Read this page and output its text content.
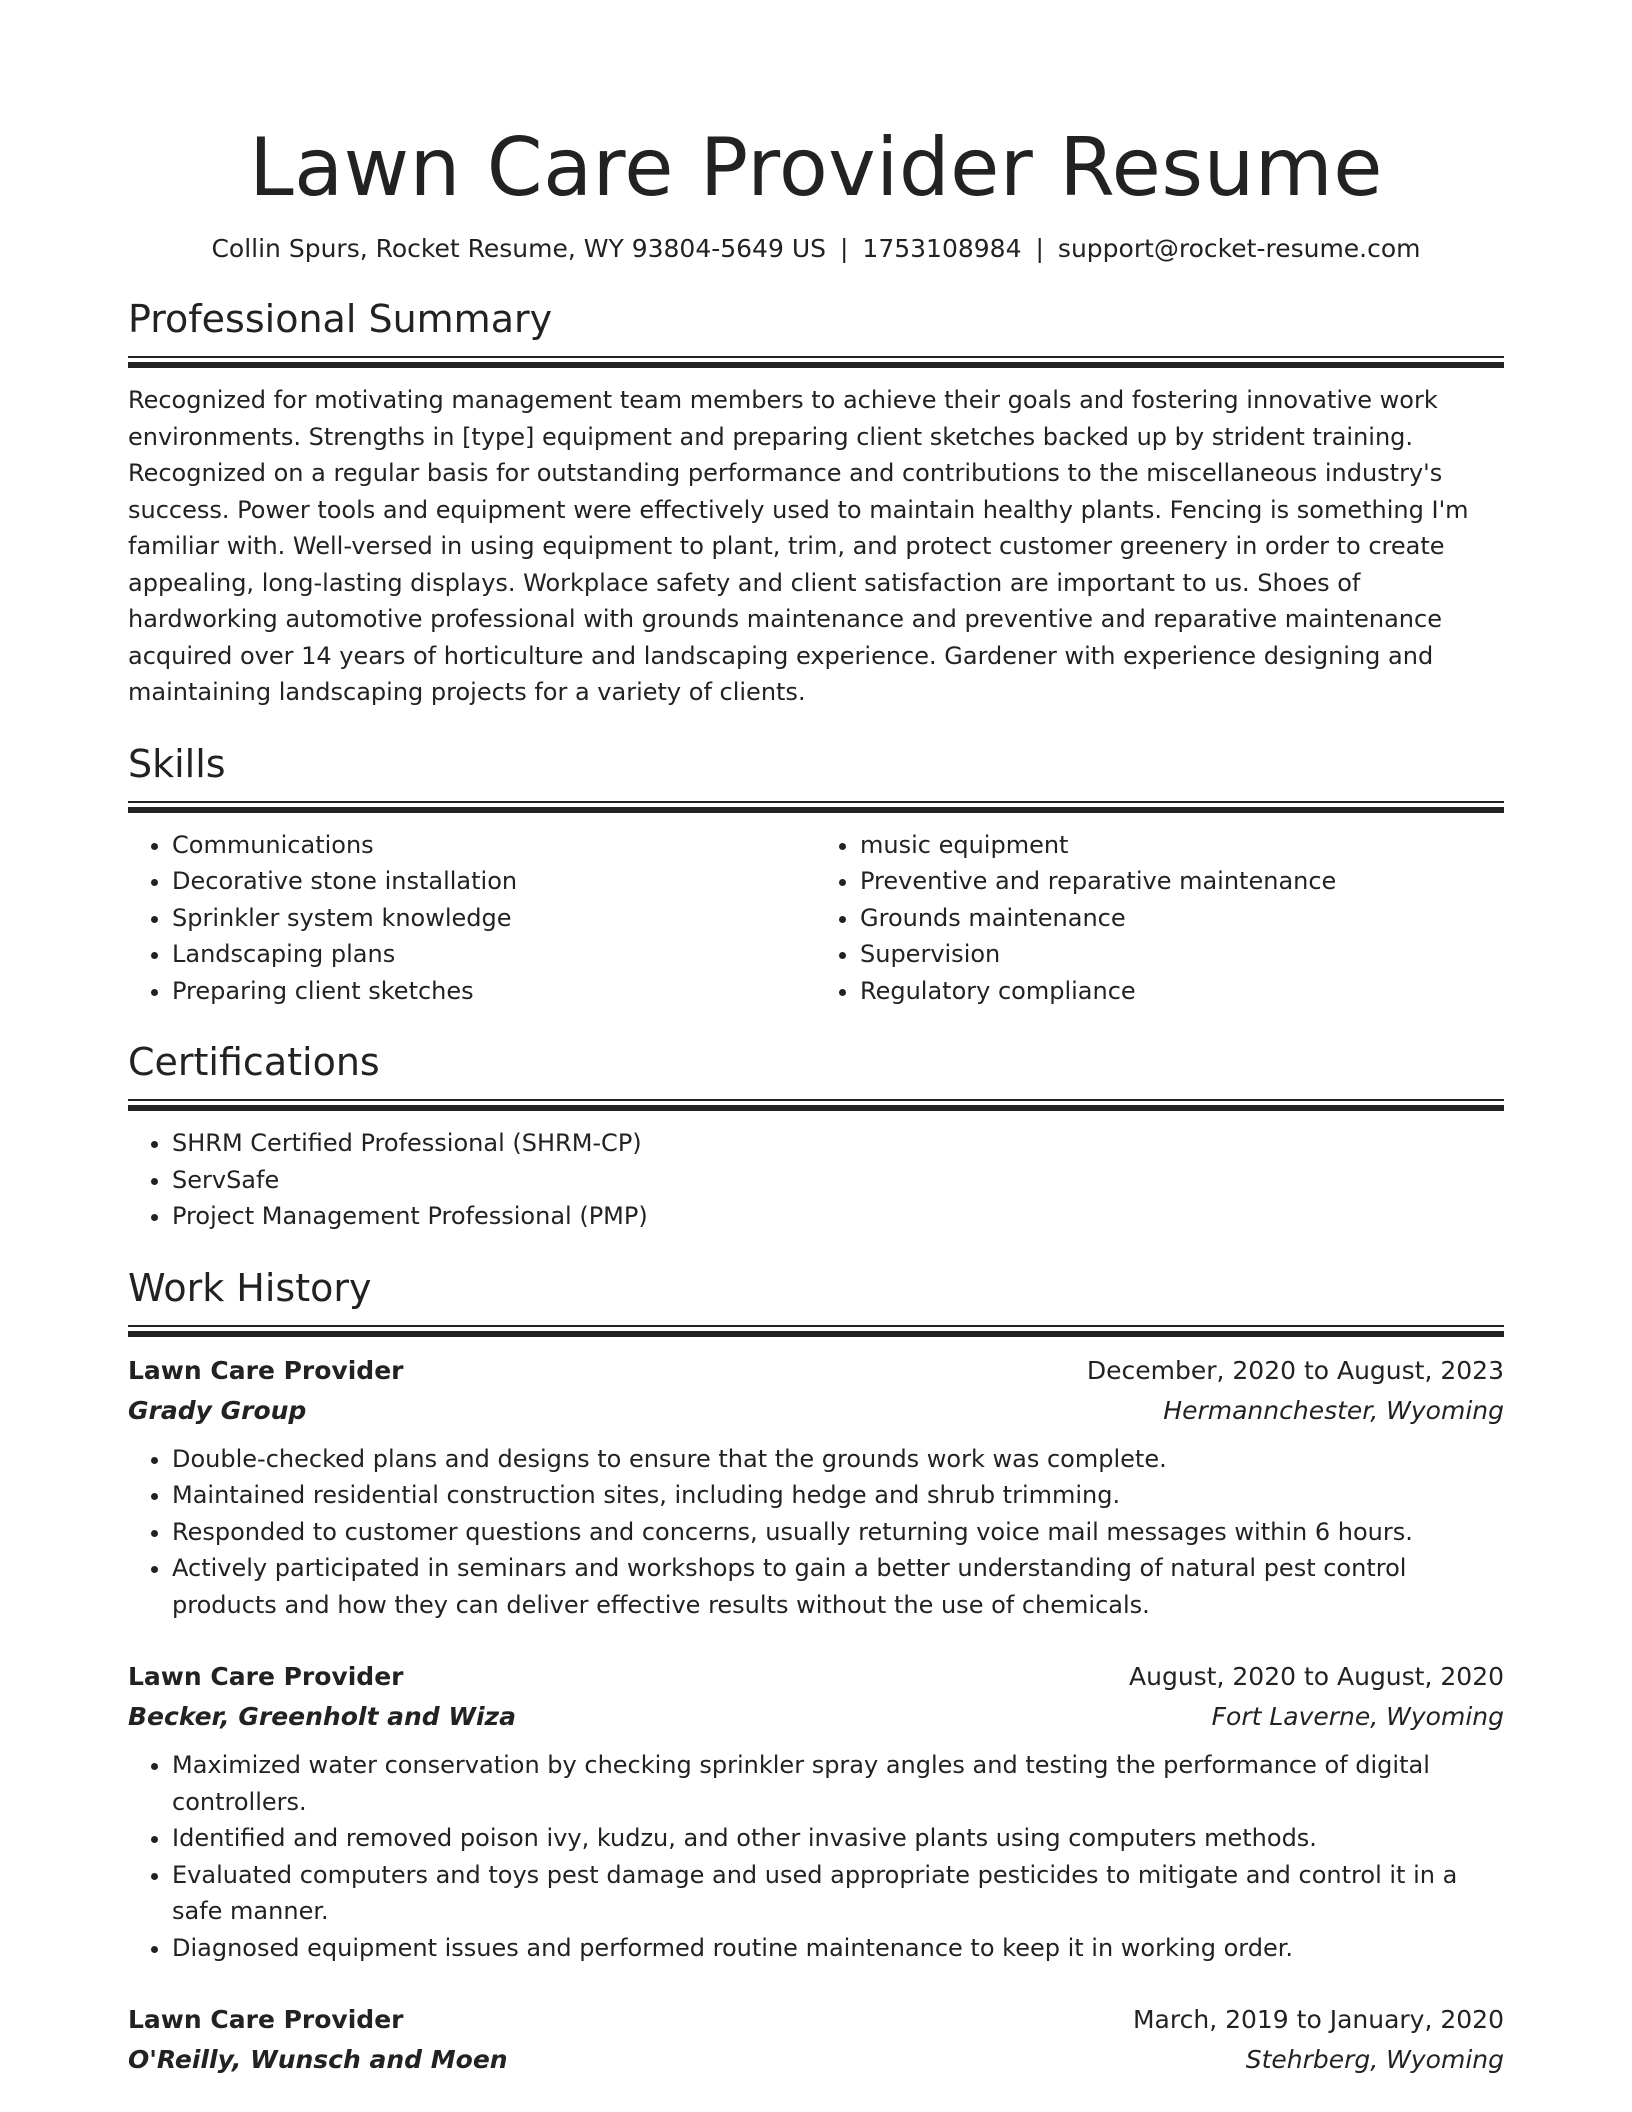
Lawn Care Provider Resume
Collin Spurs, Rocket Resume, WY 93804-5649 US | 1753108984 | support@rocket-resume.com
Professional Summary

Recognized for motivating management team members to achieve their goals and fostering innovative work environments. Strengths in [type] equipment and preparing client sketches backed up by strident training. Recognized on a regular basis for outstanding performance and contributions to the miscellaneous industry's success. Power tools and equipment were effectively used to maintain healthy plants. Fencing is something I'm familiar with. Well-versed in using equipment to plant, trim, and protect customer greenery in order to create appealing, long-lasting displays. Workplace safety and client satisfaction are important to us. Shoes of hardworking automotive professional with grounds maintenance and preventive and reparative maintenance acquired over 14 years of horticulture and landscaping experience. Gardener with experience designing and maintaining landscaping projects for a variety of clients.

Skills
• Communications
• Decorative stone installation
• Sprinkler system knowledge
• Landscaping plans
• Preparing client sketches
• music equipment
• Preventive and reparative maintenance
• Grounds maintenance
• Supervision
• Regulatory compliance
Certifications
• SHRM Certified Professional (SHRM-CP)
• ServSafe
• Project Management Professional (PMP)
Work History
Lawn Care Provider	December, 2020 to August, 2023
Grady Group	Hermannchester, Wyoming
• Double-checked plans and designs to ensure that the grounds work was complete.
• Maintained residential construction sites, including hedge and shrub trimming.
• Responded to customer questions and concerns, usually returning voice mail messages within 6 hours.
• Actively participated in seminars and workshops to gain a better understanding of natural pest control products and how they can deliver effective results without the use of chemicals.
Lawn Care Provider	August, 2020 to August, 2020
Becker, Greenholt and Wiza	Fort Laverne, Wyoming
• Maximized water conservation by checking sprinkler spray angles and testing the performance of digital controllers.
• Identified and removed poison ivy, kudzu, and other invasive plants using computers methods.
• Evaluated computers and toys pest damage and used appropriate pesticides to mitigate and control it in a safe manner.
• Diagnosed equipment issues and performed routine maintenance to keep it in working order.
Lawn Care Provider	March, 2019 to January, 2020
O'Reilly, Wunsch and Moen	Stehrberg, Wyoming
